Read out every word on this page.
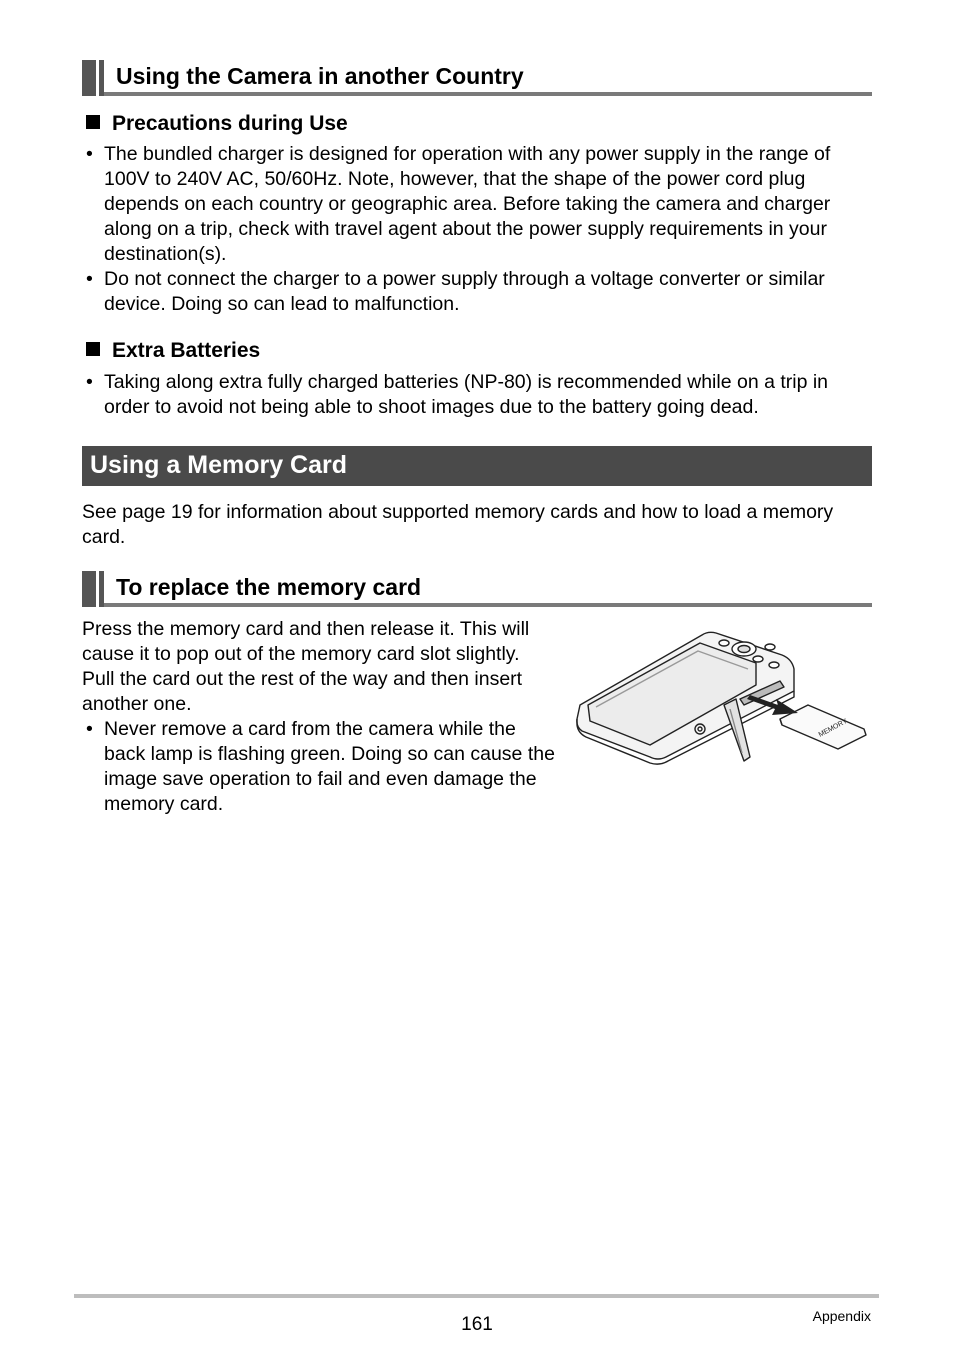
Using the Camera in another Country
Precautions during Use
• The bundled charger is designed for operation with any power supply in the range of 100V to 240V AC, 50/60Hz. Note, however, that the shape of the power cord plug depends on each country or geographic area. Before taking the camera and charger along on a trip, check with travel agent about the power supply requirements in your destination(s).
• Do not connect the charger to a power supply through a voltage converter or similar device. Doing so can lead to malfunction.
Extra Batteries
• Taking along extra fully charged batteries (NP-80) is recommended while on a trip in order to avoid not being able to shoot images due to the battery going dead.
Using a Memory Card

See page 19 for information about supported memory cards and how to load a memory card.

To replace the memory card

Press the memory card and then release it. This will cause it to pop out of the memory card slot slightly. Pull the card out the rest of the way and then insert another one.

• Never remove a card from the camera while the back lamp is flashing green. Doing so can cause the image save operation to fail and even damage the memory card.
MEMORY
161	Appendix
